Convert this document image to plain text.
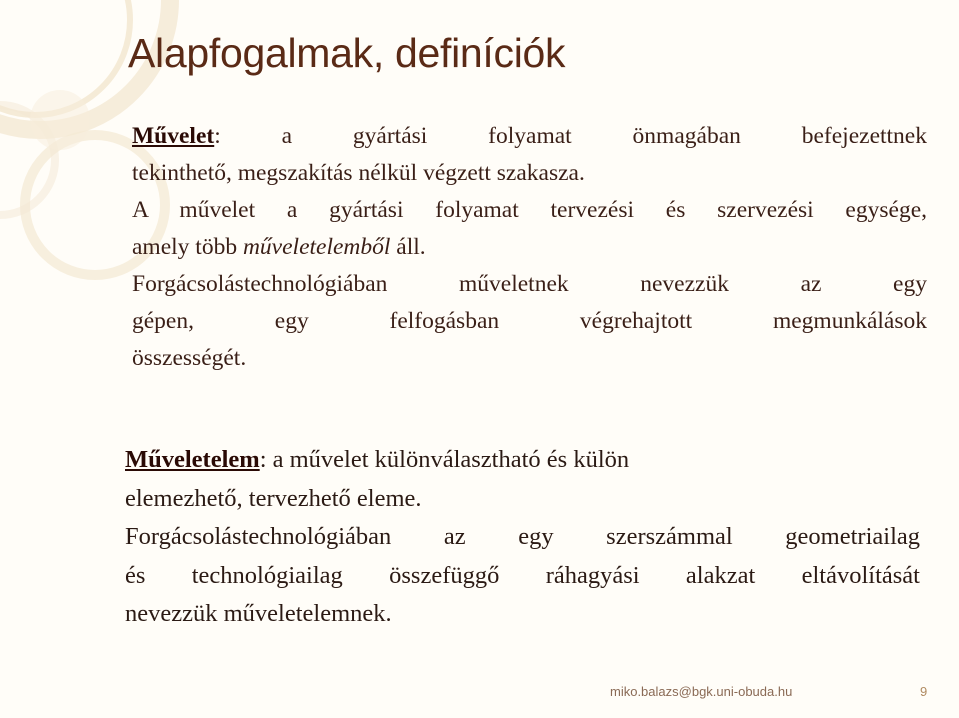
Alapfogalmak, definíciók
Művelet: a gyártási folyamat önmagában befejezettnek
tekinthető, megszakítás nélkül végzett szakasza.
A művelet a gyártási folyamat tervezési és szervezési egysége,
amely több műveletelemből áll.
Forgácsolástechnológiában műveletnek nevezzük az egy
gépen, egy felfogásban végrehajtott megmunkálások
összességét.
Műveletelem: a művelet különválasztható és külön
elemezhető, tervezhető eleme.
Forgácsolástechnológiában az egy szerszámmal geometriailag
és technológiailag összefüggő ráhagyási alakzat eltávolítását
nevezzük műveletelemnek.
miko.balazs@bgk.uni-obuda.hu	9
